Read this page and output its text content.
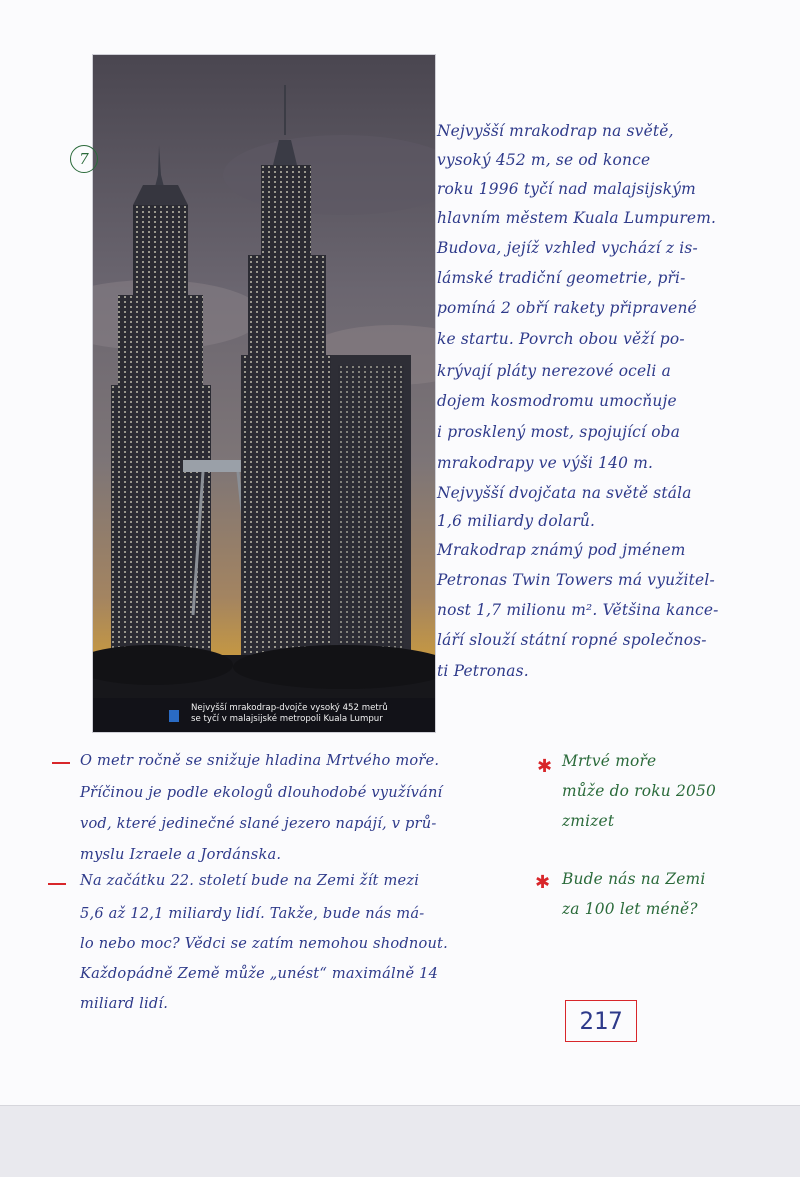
Nejvyšší mrakodrap-dvojče vysoký 452 metrů
se tyčí v malajsijské metropoli Kuala Lumpur
7
Nejvyšší mrakodrap na světě,
vysoký 452 m, se od konce
roku 1996 tyčí nad malajsijským
hlavním městem Kuala Lumpurem.
Budova, jejíž vzhled vychází z is-
lámské tradiční geometrie, při-
pomíná 2 obří rakety připravené
ke startu. Povrch obou věží po-
krývají pláty nerezové oceli a
dojem kosmodromu umocňuje
i prosklený most, spojující oba
mrakodrapy ve výši 140 m.
Nejvyšší dvojčata na světě stála
1,6 miliardy dolarů.
Mrakodrap známý pod jménem
Petronas Twin Towers má využitel-
nost 1,7 milionu m². Většina kance-
láří slouží státní ropné společnos-
ti Petronas.
O metr ročně se snižuje hladina Mrtvého moře.
Příčinou je podle ekologů dlouhodobé využívání
vod, které jedinečné slané jezero napájí, v prů-
myslu Izraele a Jordánska.
✱ Mrtvé moře
může do roku 2050
zmizet
Na začátku 22. století bude na Zemi žít mezi
5,6 až 12,1 miliardy lidí. Takže, bude nás má-
lo nebo moc? Vědci se zatím nemohou shodnout.
Každopádně Země může „unést“ maximálně 14
miliard lidí.
✱ Bude nás na Zemi
za 100 let méně?
217
